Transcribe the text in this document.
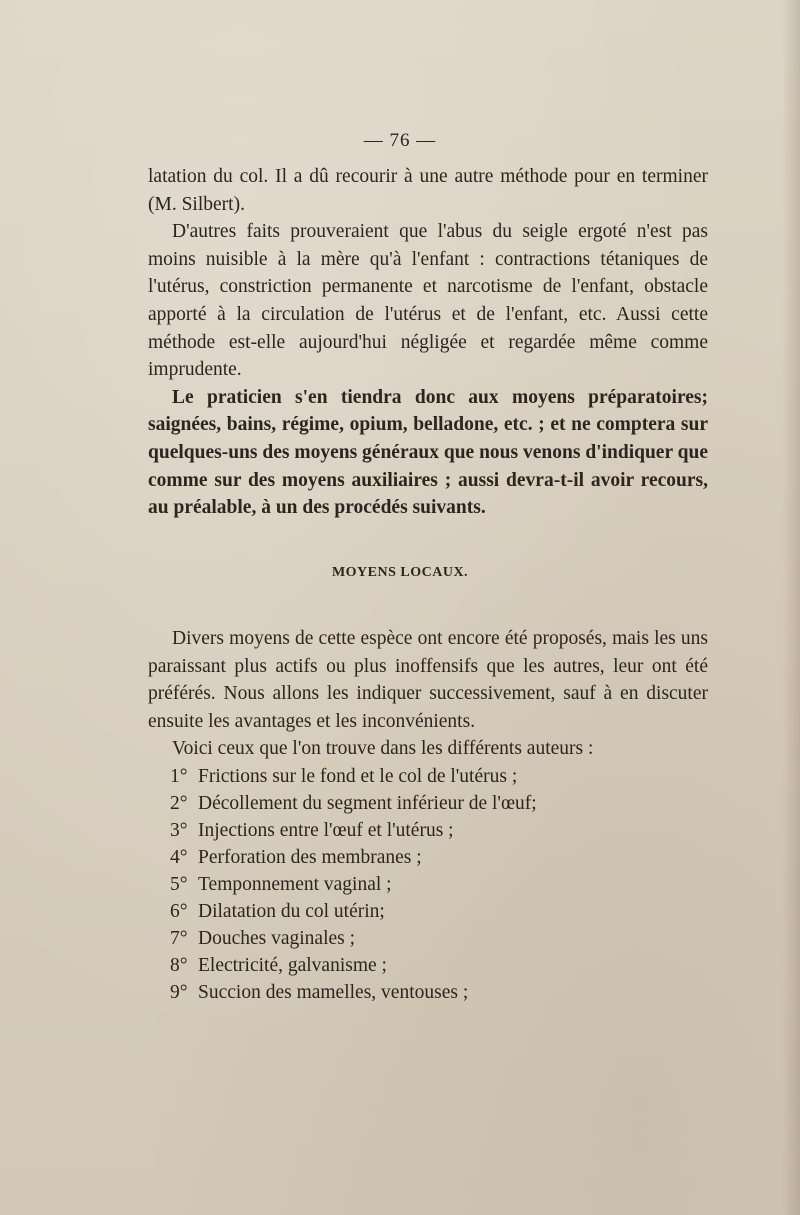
— 76 —

latation du col. Il a dû recourir à une autre méthode pour en terminer (M. Silbert).

D'autres faits prouveraient que l'abus du seigle ergoté n'est pas moins nuisible à la mère qu'à l'enfant : contractions tétaniques de l'utérus, constriction permanente et narcotisme de l'enfant, obstacle apporté à la circulation de l'utérus et de l'enfant, etc. Aussi cette méthode est-elle aujourd'hui négligée et regardée même comme imprudente.

Le praticien s'en tiendra donc aux moyens préparatoires; saignées, bains, régime, opium, belladone, etc. ; et ne comptera sur quelques-uns des moyens généraux que nous venons d'indiquer que comme sur des moyens auxiliaires ; aussi devra-t-il avoir recours, au préalable, à un des procédés suivants.

MOYENS LOCAUX.

Divers moyens de cette espèce ont encore été proposés, mais les uns paraissant plus actifs ou plus inoffensifs que les autres, leur ont été préférés. Nous allons les indiquer successivement, sauf à en discuter ensuite les avantages et les inconvénients.

Voici ceux que l'on trouve dans les différents auteurs :

1° Frictions sur le fond et le col de l'utérus ;
2° Décollement du segment inférieur de l'œuf;
3° Injections entre l'œuf et l'utérus ;
4° Perforation des membranes ;
5° Temponnement vaginal ;
6° Dilatation du col utérin;
7° Douches vaginales ;
8° Electricité, galvanisme ;
9° Succion des mamelles, ventouses ;
